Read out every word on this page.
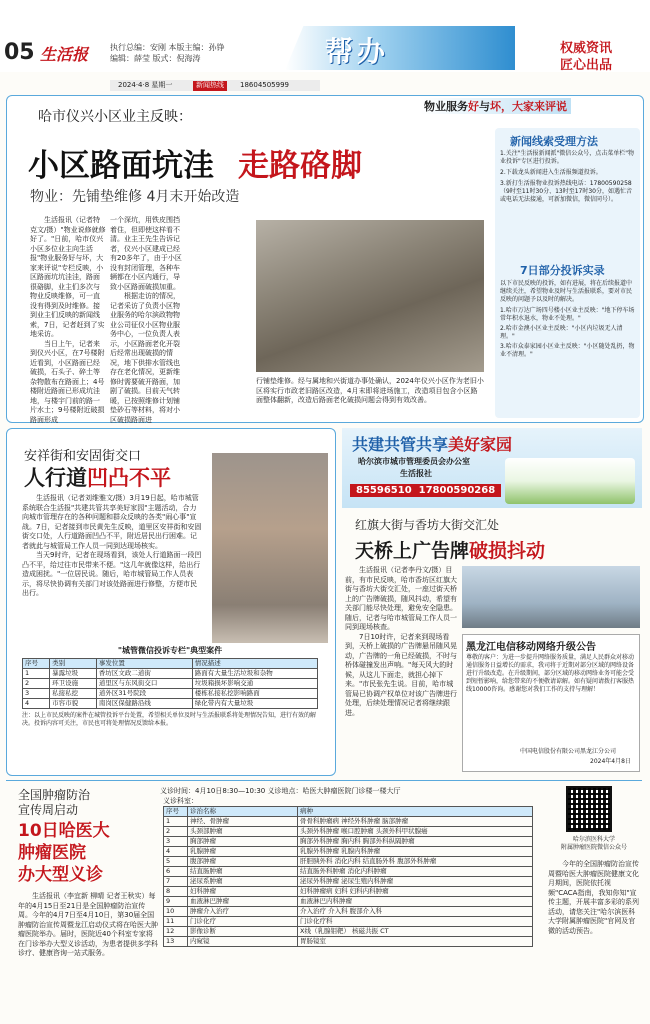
05 生活报	执行总编：安刚 本版主编：孙铮
编辑：薛莹 版式：倪海涛	帮办	权威资讯
匠心出品
2024·4·8 星期一	新闻热线	18604505999
哈市仪兴小区业主反映：
物业服务好与坏，大家来评说
小区路面坑洼 走路硌脚
物业：先铺垫维修 4月末开始改造
　　生活报讯（记者特克文/摄）"物业说修就修好了。"日前，哈市仪兴小区多位业主向生活报"物业服务好与坏，大家来评说"专栏反映，小区路面坑坑洼洼，路面很硌脚，业主们多次与物业反映维修，可一直没有得到及时维修。接到业主们反映的新闻线索，7日，记者赶到了实地采访。
　　当日上午，记者来到仪兴小区，在7号楼附近看到，小区路面已经破损，石头子、碎土等杂物散布在路面上；4号楼附近路面已形成坑洼地，与楼宇门前的路一片水土；9号楼附近破损路面形成
一个深坑，用铁皮围挡着住，但即使这样看不清。业主王先生告诉记者，仪兴小区建成已经有20多年了，由于小区没有封闭管理，各种车辆都在小区内通行，导致小区路面破损加重。
　　根据走访的情况，记者采访了负责小区物业服务的哈尔滨政物物业公司征仪小区物业服务中心，一位负责人表示，小区路面老化开裂后经常出现破损的情况，地下供排水管线也存在老化情况，更新维修时需要破开路面，加剧了破损。目前天气转暖，已按照维修计划铺垫砂石等材料，将对小区破损路面进
行铺垫维修。经与属地和兴街道办事处确认，2024年仪兴小区作为老旧小区将实行市政老旧路区改造，4月末即将进场施工，改造项目包含小区路面整体翻新，改造后路面老化破损问题会得到有效改善。
新闻线索受理方法
1.关注"生活报新闻派"微信公众号，点击菜单栏"物业投诉"专区进行投诉。
2.下载龙头新闻进入生活报频道投诉。
3.新打生活报物业投诉热线电话：17800590258（9时至11时30分、13时至17时30分，如遇忙音或电话无法接通，可新加微信，微信同号）。
7日部分投诉实录
以下市民反映的投诉，如有进展，将在后续报道中继续关注，希望物业及时与生活报联系，要对市民反映的问题予以及时的解决。
1.哈市万达广场四号楼小区业主反映："地下停车场常年积水退水，物业不处理。"
2.哈市金澳小区业主反映："小区内垃圾无人清理。"
3.哈市众泰家园小区业主反映："小区随处乱扔，物业不清理。"
安祥街和安固街交口
人行道凹凸不平
　　生活报讯（记者刘维雅文/摄）3月19日起，哈市城管系统联合生活报"共建共管共享美好家园"主题活动，合力向城市管理存在的各种问题和群众反映的各类"闹心事"宣战。7日，记者接到市民黄先生反映，道里区安祥街和安固街交口处，人行道路面凹凸不平，附近居民出行困难。记者就此与城管局工作人员一同到达现场核实。
　　当天9时许，记者在现场看到，该处人行道路面一段凹凸不平，给过往市民带来不便。"这几年就像这样，给出行造成困扰。"一位居民说。随后，哈市城管局工作人员表示，将尽快协调有关部门对该处路面进行修整，方便市民出行。
"城管微信投诉专栏"典型案件
序号	类别	事发位置	情况描述
1	暴露垃圾	香坊区文政二道街	路面有大量生活垃圾和杂物
2	环卫设施	道里区与东风街交口	垃圾箱损坏影响交通
3	私接私挖	道外区31号院段	楼栋私接私挖影响路面
4	市容市貌	南岗区保健路沿线	绿化带内有大量垃圾
注：以上市民反映的案件在城管投诉平台处置，希望相关单位及时与生活报联系将处理情况告知，进行有效的解决。投诉内容可关注，市民也可将处理情况反馈给本报。
共建共管共享美好家园
哈尔滨市城市管理委员会办公室
生活报社
85596510 17800590268
红旗大街与香坊大街交汇处
天桥上广告牌破损抖动
　　生活报讯（记者李丹文/摄）目前，有市民反映，哈市香坊区红旗大街与香坊大街交汇处，一座过街天桥上的广告牌破损，随风抖动，希望有关部门能尽快处理，避免安全隐患。随后，记者与哈市城管局工作人员一同到现场核查。
　　7日10时许，记者来到现场看到，天桥上破损的广告牌悬吊随风晃动，广告牌的一角已经破损，不时与桥体碰撞发出声响。"每天风大的时候，从这儿下面走，就担心掉下来。"市民张先生说。目前，哈市城管局已协调产权单位对该广告牌进行处理，后续处理情况记者将继续跟进。
黑龙江电信移动网络升级公告
尊敬的客户：为进一步提升网络服务质量，满足人民群众对移动通信服务日益增长的需求，我司将于近期对部分区域的网络设备进行升级改造。在升级期间，部分区域的移动网络业务可能会受到短暂影响，给您带来的不便敬请谅解。如有疑问请拨打客服热线10000咨询。感谢您对我们工作的支持与理解！
中国电信股份有限公司黑龙江分公司
2024年4月8日
全国肿瘤防治
宣传周启动
10日哈医大
肿瘤医院
办大型义诊
　　生活报讯（李宜新 柳晴 记者王秋实）每年的4月15日至21日是全国肿瘤防治宣传周。今年的4月7日至4月10日，第30届全国肿瘤防治宣传周暨龙江启动仪式将在哈医大肿瘤医院举办。届时，医院近40个科室专家将在门诊举办大型义诊活动，为患者提供多学科诊疗、健康咨询一站式服务。
义诊时间：4月10日8:30—10:30 义诊地点：哈医大肿瘤医院门诊楼一楼大厅
义诊科室：
序号	诊治名称	病种
1	神经、骨肿瘤	骨骨科肿瘤病 神经外科肿瘤 脑部肿瘤
2	头颈部肿瘤	头颈外科肿瘤 喉口腔肿瘤 头颈外科甲状腺癌
3	胸部肿瘤	胸部外科肿瘤 胸内科 胸部外科纵隔肿瘤
4	乳腺肿瘤	乳腺外科肿瘤 乳腺内科肿瘤
5	腹部肿瘤	肝胆胰外科 消化内科 结直肠外科 腹部外科肿瘤
6	结直肠肿瘤	结直肠外科肿瘤 消化内科肿瘤
7	泌尿系肿瘤	泌尿外科肿瘤 泌尿生殖内科肿瘤
8	妇科肿瘤	妇科肿瘤病 妇科 妇科内科肿瘤
9	血液淋巴肿瘤	血液淋巴内科肿瘤
10	肿瘤介入治疗	介入治疗 介入科 腹部介入科
11	门诊化疗	门诊化疗科
12	影像诊断	X线（乳腺钼靶） 核磁共振 CT
13	内窥镜	胃肠镜室
哈尔滨医科大学
附属肿瘤医院微信公众号
　　今年的全国肿瘤防治宣传周暨哈医大肿瘤医院健康文化月期间，医院依托视频"CACA指南，我知你知"宣传主题，开展丰富多彩的系列活动，请您关注"哈尔滨医科大学附属肿瘤医院"官网及官微的活动预告。
